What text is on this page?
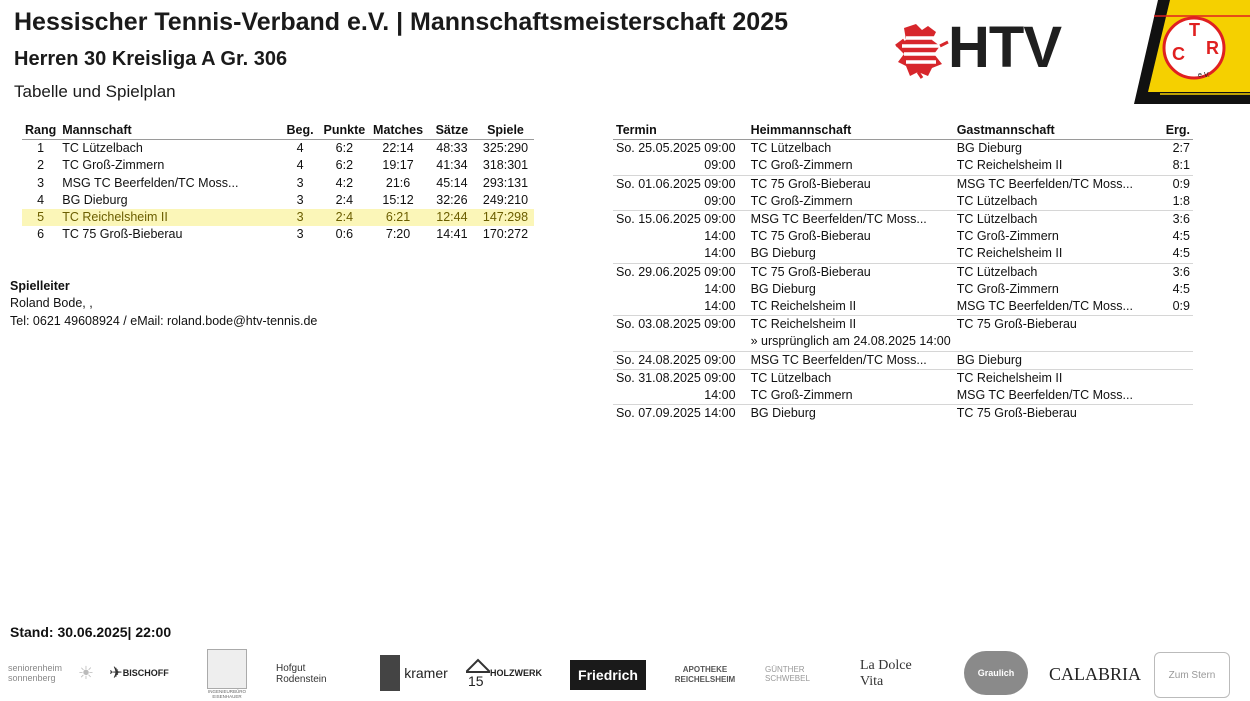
Hessischer Tennis-Verband e.V. | Mannschaftsmeisterschaft 2025
Herren 30 Kreisliga A Gr. 306
Tabelle und Spielplan
HTV	T
C R
e.V.
Rang	Mannschaft	Beg.	Punkte	Matches	Sätze	Spiele
1	TC Lützelbach	4	6:2	22:14	48:33	325:290
2	TC Groß-Zimmern	4	6:2	19:17	41:34	318:301
3	MSG TC Beerfelden/TC Moss...	3	4:2	21:6	45:14	293:131
4	BG Dieburg	3	2:4	15:12	32:26	249:210
5	TC Reichelsheim II	3	2:4	6:21	12:44	147:298
6	TC 75 Groß-Bieberau	3	0:6	7:20	14:41	170:272
Termin	Heimmannschaft	Gastmannschaft	Erg.
So. 25.05.2025 09:00	TC Lützelbach	BG Dieburg	2:7
09:00	TC Groß-Zimmern	TC Reichelsheim II	8:1
So. 01.06.2025 09:00	TC 75 Groß-Bieberau	MSG TC Beerfelden/TC Moss...	0:9
09:00	TC Groß-Zimmern	TC Lützelbach	1:8
So. 15.06.2025 09:00	MSG TC Beerfelden/TC Moss...	TC Lützelbach	3:6
14:00	TC 75 Groß-Bieberau	TC Groß-Zimmern	4:5
14:00	BG Dieburg	TC Reichelsheim II	4:5
So. 29.06.2025 09:00	TC 75 Groß-Bieberau	TC Lützelbach	3:6
14:00	BG Dieburg	TC Groß-Zimmern	4:5
14:00	TC Reichelsheim II	MSG TC Beerfelden/TC Moss...	0:9
So. 03.08.2025 09:00	TC Reichelsheim II	TC 75 Groß-Bieberau	
	» ursprünglich am 24.08.2025 14:00		
So. 24.08.2025 09:00	MSG TC Beerfelden/TC Moss...	BG Dieburg	
So. 31.08.2025 09:00	TC Lützelbach	TC Reichelsheim II	
14:00	TC Groß-Zimmern	MSG TC Beerfelden/TC Moss...	
So. 07.09.2025 14:00	BG Dieburg	TC 75 Groß-Bieberau	
Spielleiter
Roland Bode, ,
Tel: 0621 49608924 / eMail: roland.bode@htv-tennis.de
Stand: 30.06.2025| 22:00
seniorenheim sonnenberg	☀ ✈ BISCHOFF
INGENIEURBÜRO EISENHAUER
Hofgut Rodenstein	kramer 15 HOLZWERK	Friedrich	APOTHEKE REICHELSHEIM
GÜNTHER SCHWEBEL
La Dolce Vita
Graulich CALABRIA	Zum Stern
